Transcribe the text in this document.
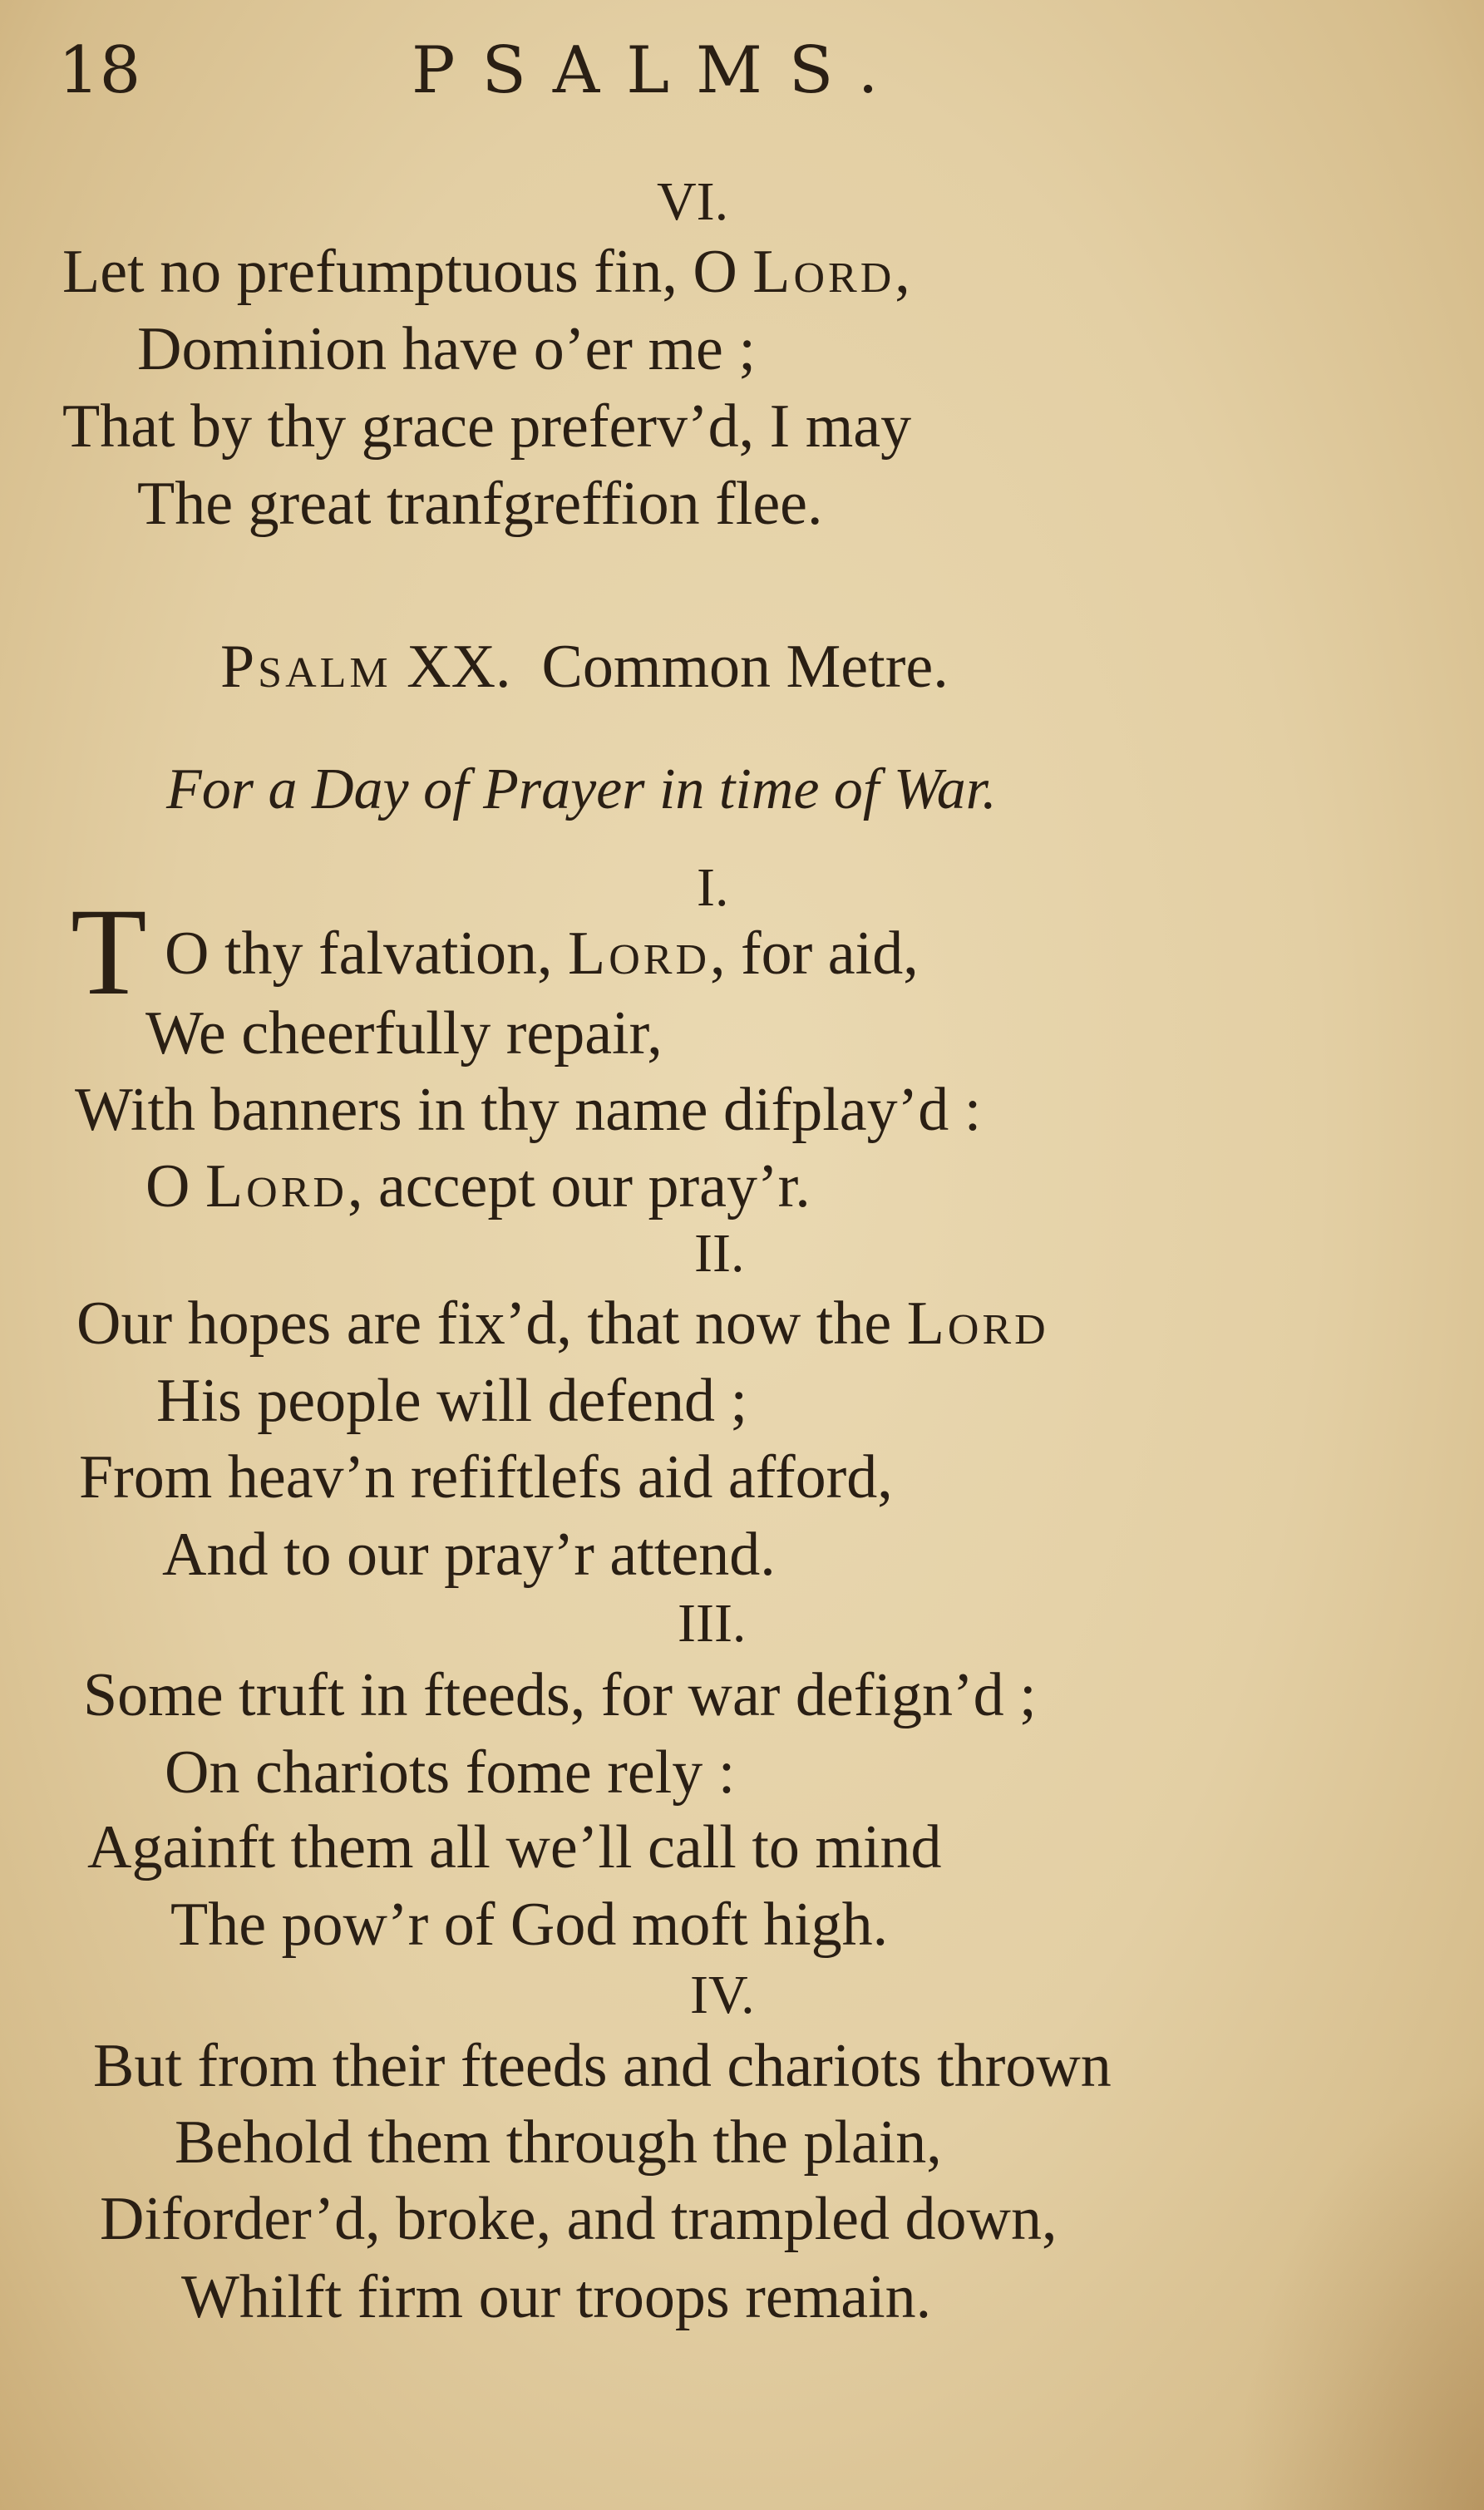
18	PSALMS.
VI.
Let no prefumptuous fin, O Lord,
Dominion have o’er me ;
That by thy grace preferv’d, I may
The great tranfgreffion flee.
Psalm XX. Common Metre.
For a Day of Prayer in time of War.
I.
T O thy falvation, Lord, for aid,
We cheerfully repair,
With banners in thy name difplay’d :
O Lord, accept our pray’r.
II.
Our hopes are fix’d, that now the Lord
His people will defend ;
From heav’n refiftlefs aid afford,
And to our pray’r attend.
III.
Some truft in fteeds, for war defign’d ;
On chariots fome rely :
Againft them all we’ll call to mind
The pow’r of God moft high.
IV.
But from their fteeds and chariots thrown
Behold them through the plain,
Diforder’d, broke, and trampled down,
Whilft firm our troops remain.
